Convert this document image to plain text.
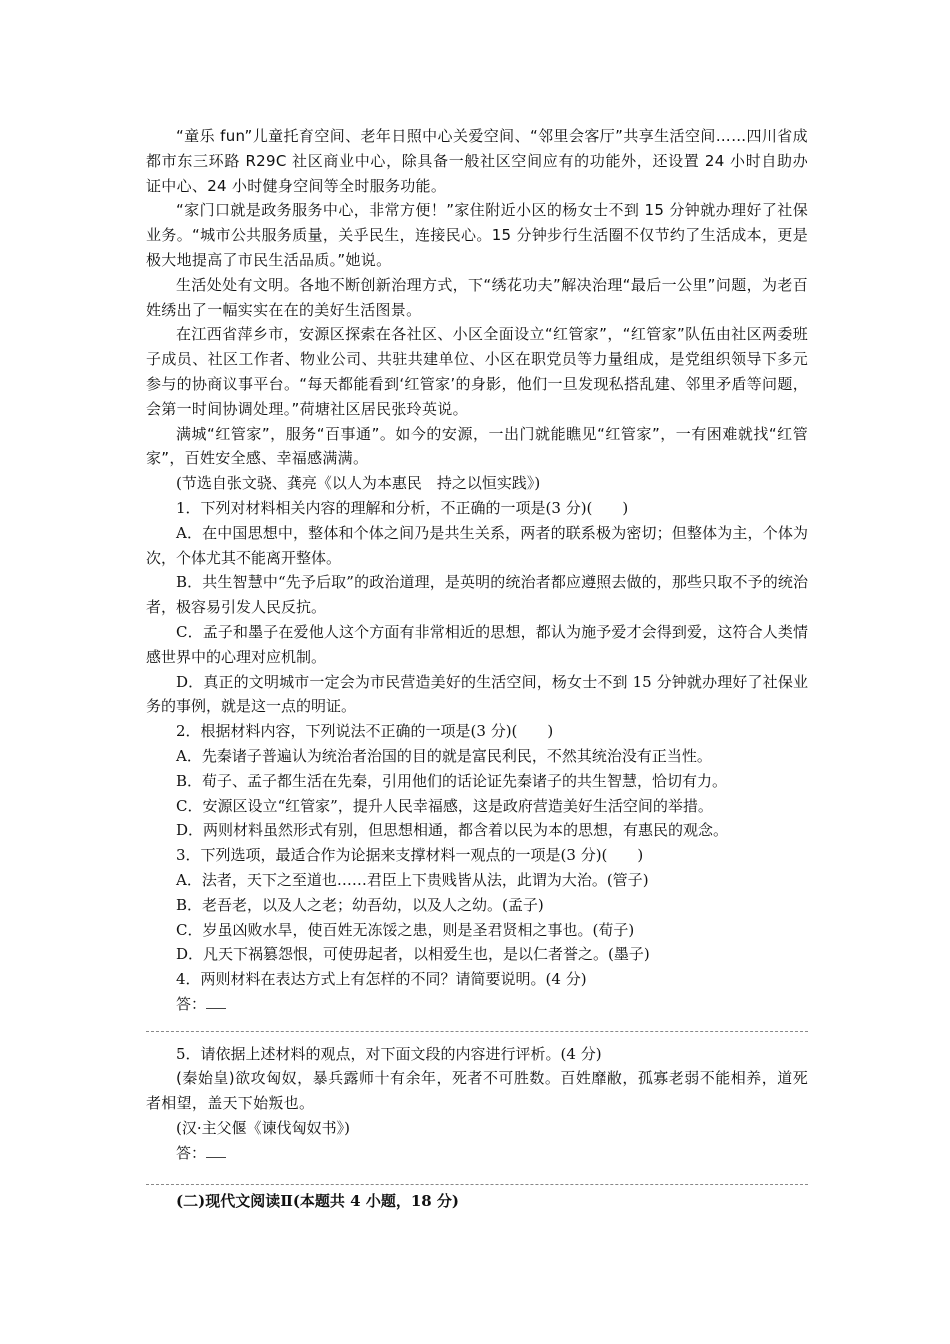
“童乐 fun”儿童托育空间、老年日照中心关爱空间、“邻里会客厅”共享生活空间……四川省成都市东三环路 R29C 社区商业中心，除具备一般社区空间应有的功能外，还设置 24 小时自助办证中心、24 小时健身空间等全时服务功能。

“家门口就是政务服务中心，非常方便！”家住附近小区的杨女士不到 15 分钟就办理好了社保业务。“城市公共服务质量，关乎民生，连接民心。15 分钟步行生活圈不仅节约了生活成本，更是极大地提高了市民生活品质。”她说。

生活处处有文明。各地不断创新治理方式，下“绣花功夫”解决治理“最后一公里”问题，为老百姓绣出了一幅实实在在的美好生活图景。

在江西省萍乡市，安源区探索在各社区、小区全面设立“红管家”，“红管家”队伍由社区两委班子成员、社区工作者、物业公司、共驻共建单位、小区在职党员等力量组成，是党组织领导下多元参与的协商议事平台。“每天都能看到‘红管家’的身影，他们一旦发现私搭乱建、邻里矛盾等问题，会第一时间协调处理。”荷塘社区居民张玲英说。

满城“红管家”，服务“百事通”。如今的安源，一出门就能瞧见“红管家”，一有困难就找“红管家”，百姓安全感、幸福感满满。

(节选自张文骁、龚亮《以人为本惠民　持之以恒实践》)

1．下列对材料相关内容的理解和分析，不正确的一项是(3 分)(　　)

A．在中国思想中，整体和个体之间乃是共生关系，两者的联系极为密切；但整体为主，个体为次，个体尤其不能离开整体。

B．共生智慧中“先予后取”的政治道理，是英明的统治者都应遵照去做的，那些只取不予的统治者，极容易引发人民反抗。

C．孟子和墨子在爱他人这个方面有非常相近的思想，都认为施予爱才会得到爱，这符合人类情感世界中的心理对应机制。

D．真正的文明城市一定会为市民营造美好的生活空间，杨女士不到 15 分钟就办理好了社保业务的事例，就是这一点的明证。

2．根据材料内容，下列说法不正确的一项是(3 分)(　　)

A．先秦诸子普遍认为统治者治国的目的就是富民利民，不然其统治没有正当性。

B．荀子、孟子都生活在先秦，引用他们的话论证先秦诸子的共生智慧，恰切有力。

C．安源区设立“红管家”，提升人民幸福感，这是政府营造美好生活空间的举措。

D．两则材料虽然形式有别，但思想相通，都含着以民为本的思想，有惠民的观念。

3．下列选项，最适合作为论据来支撑材料一观点的一项是(3 分)(　　)

A．法者，天下之至道也……君臣上下贵贱皆从法，此谓为大治。(管子)

B．老吾老，以及人之老；幼吾幼，以及人之幼。(孟子)

C．岁虽凶败水旱，使百姓无冻馁之患，则是圣君贤相之事也。(荀子)

D．凡天下祸篡怨恨，可使毋起者，以相爱生也，是以仁者誉之。(墨子)

4．两则材料在表达方式上有怎样的不同？请简要说明。(4 分)

答：

5．请依据上述材料的观点，对下面文段的内容进行评析。(4 分)

(秦始皇)欲攻匈奴，暴兵露师十有余年，死者不可胜数。百姓靡敝，孤寡老弱不能相养，道死者相望，盖天下始叛也。

(汉·主父偃《谏伐匈奴书》)

答：

(二)现代文阅读Ⅱ(本题共 4 小题，18 分)
